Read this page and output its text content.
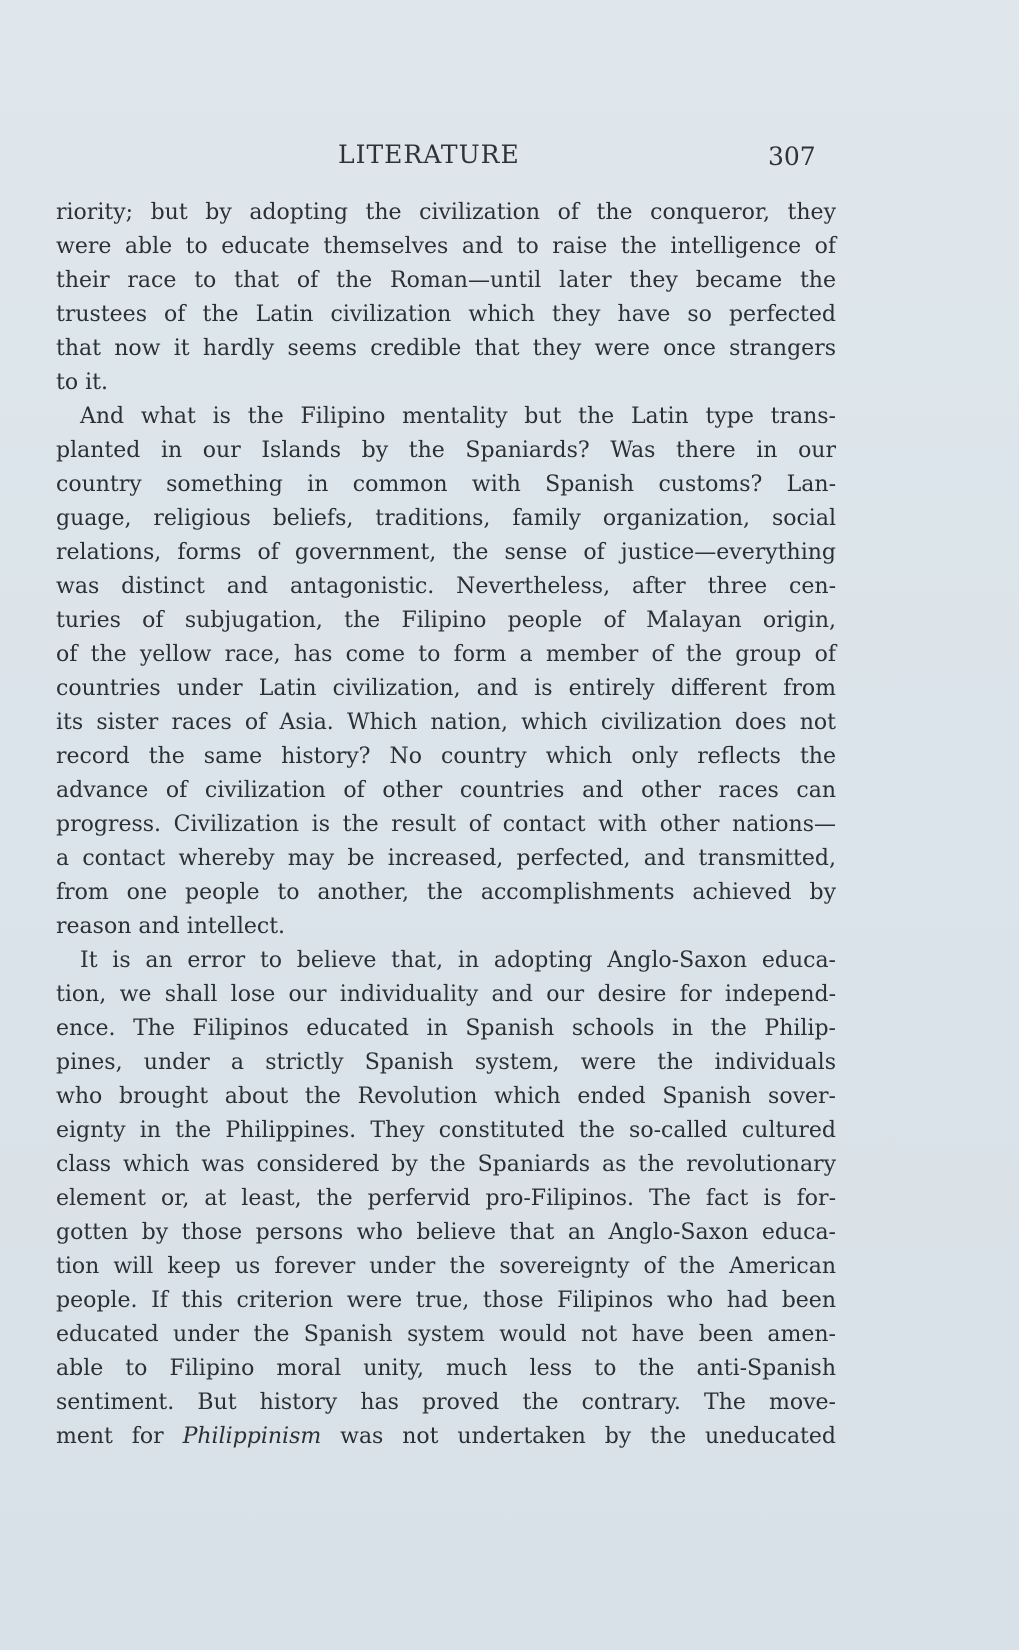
LITERATURE	307
riority; but by adopting the civilization of the conqueror, they
were able to educate themselves and to raise the intelligence of
their race to that of the Roman—until later they became the
trustees of the Latin civilization which they have so perfected
that now it hardly seems credible that they were once strangers
to it.
And what is the Filipino mentality but the Latin type trans-
planted in our Islands by the Spaniards? Was there in our
country something in common with Spanish customs? Lan-
guage, religious beliefs, traditions, family organization, social
relations, forms of government, the sense of justice—everything
was distinct and antagonistic. Nevertheless, after three cen-
turies of subjugation, the Filipino people of Malayan origin,
of the yellow race, has come to form a member of the group of
countries under Latin civilization, and is entirely different from
its sister races of Asia. Which nation, which civilization does not
record the same history? No country which only reflects the
advance of civilization of other countries and other races can
progress. Civilization is the result of contact with other nations—
a contact whereby may be increased, perfected, and transmitted,
from one people to another, the accomplishments achieved by
reason and intellect.
It is an error to believe that, in adopting Anglo-Saxon educa-
tion, we shall lose our individuality and our desire for independ-
ence. The Filipinos educated in Spanish schools in the Philip-
pines, under a strictly Spanish system, were the individuals
who brought about the Revolution which ended Spanish sover-
eignty in the Philippines. They constituted the so-called cultured
class which was considered by the Spaniards as the revolutionary
element or, at least, the perfervid pro-Filipinos. The fact is for-
gotten by those persons who believe that an Anglo-Saxon educa-
tion will keep us forever under the sovereignty of the American
people. If this criterion were true, those Filipinos who had been
educated under the Spanish system would not have been amen-
able to Filipino moral unity, much less to the anti-Spanish
sentiment. But history has proved the contrary. The move-
ment for Philippinism was not undertaken by the uneducated
